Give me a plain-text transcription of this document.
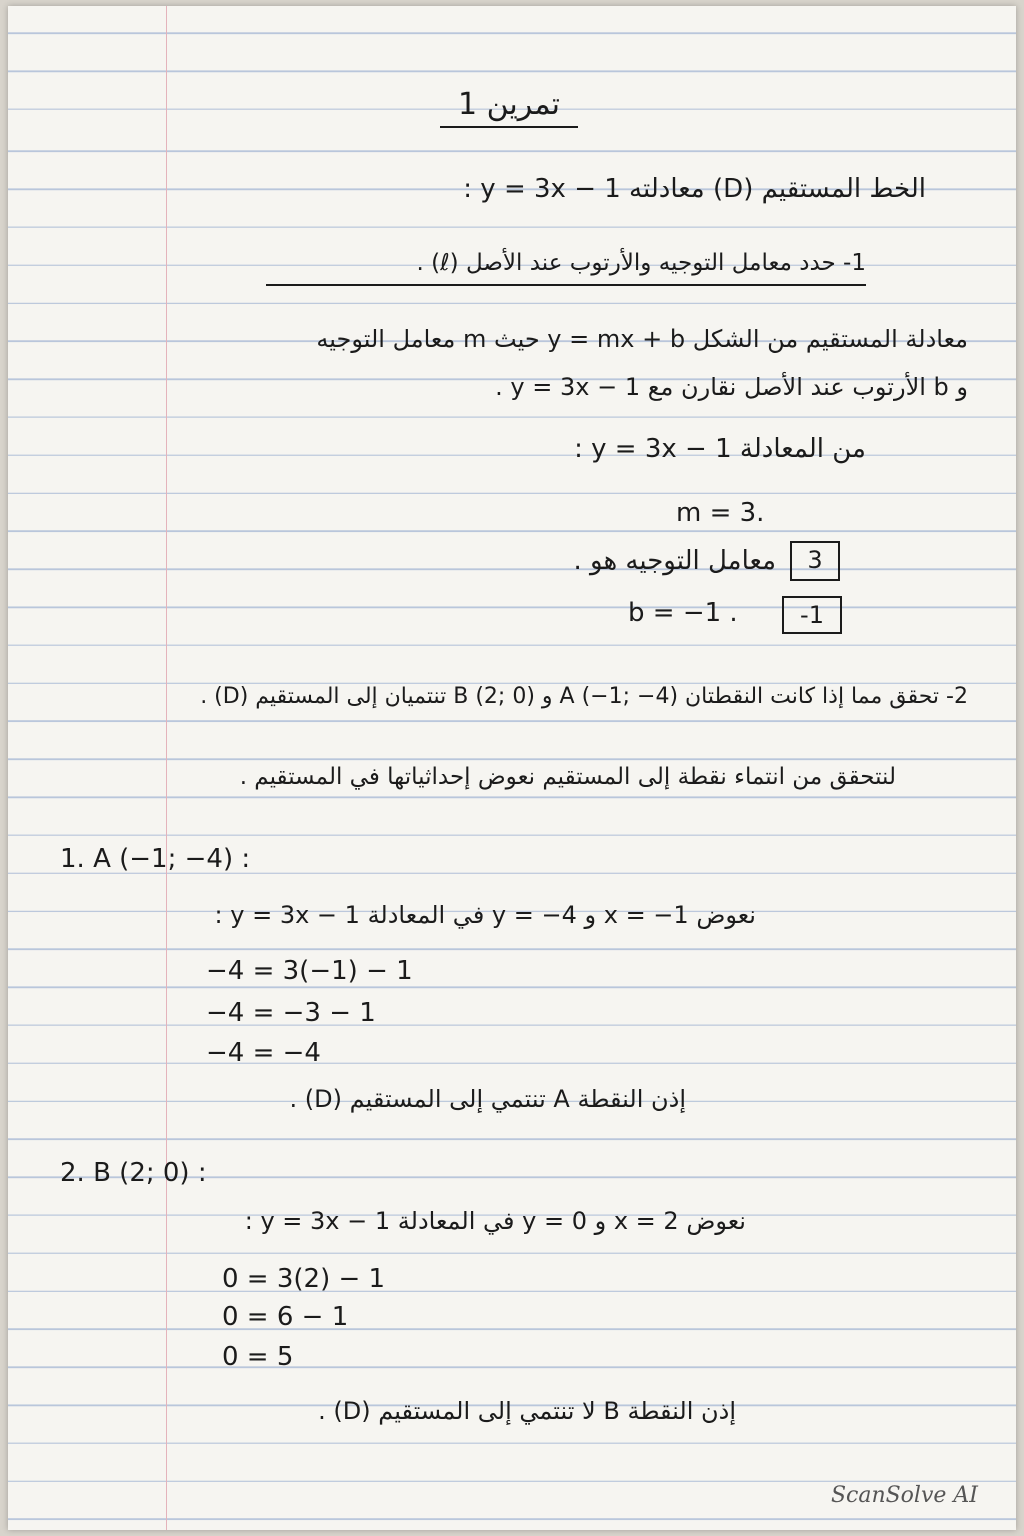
تمرين 1
الخط المستقيم (D) معادلته y = 3x − 1 :
1- حدد معامل التوجيه والأرتوب عند الأصل (ℓ) .
معادلة المستقيم من الشكل y = mx + b حيث m معامل التوجيه
و b الأرتوب عند الأصل نقارن مع y = 3x − 1 .
من المعادلة y = 3x − 1 :
m = 3.
3
معامل التوجيه هو .
b = −1 .	-1
2- تحقق مما إذا كانت النقطتان A (−1; −4) و B (2; 0) تنتميان إلى المستقيم (D) .
لنتحقق من انتماء نقطة إلى المستقيم نعوض إحداثياتها في المستقيم .
1. A (−1; −4) :
نعوض x = −1 و y = −4 في المعادلة y = 3x − 1 :
−4 = 3(−1) − 1
−4 = −3 − 1
−4 = −4
إذن النقطة A تنتمي إلى المستقيم (D) .
2. B (2; 0) :
نعوض x = 2 و y = 0 في المعادلة y = 3x − 1 :
0 = 3(2) − 1
0 = 6 − 1
0 = 5
إذن النقطة B لا تنتمي إلى المستقيم (D) .
ScanSolve AI
